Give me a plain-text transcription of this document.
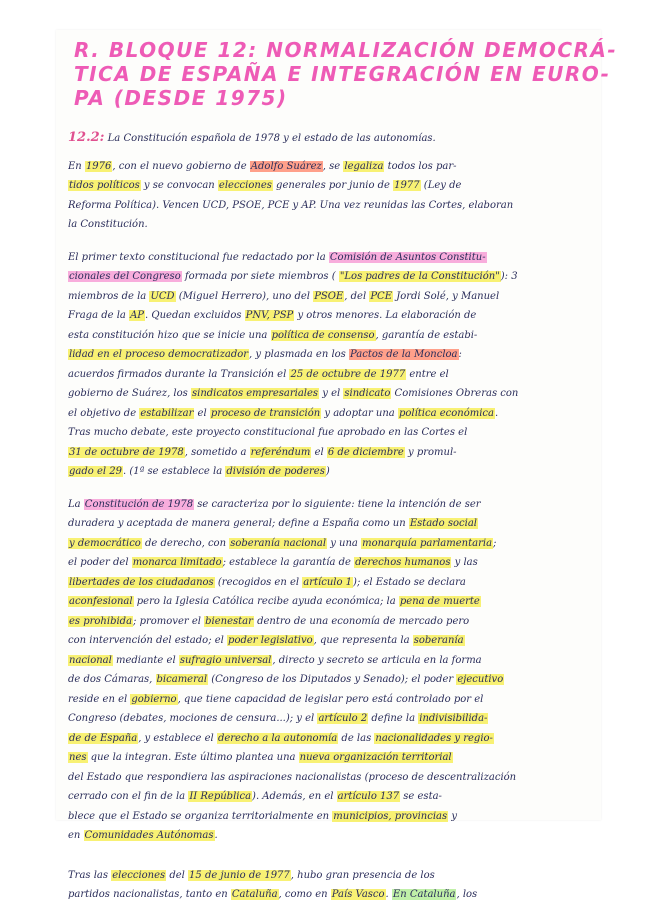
R. BLOQUE 12: NORMALIZACIÓN DEMOCRÁ-
TICA DE ESPAÑA E INTEGRACIÓN EN EURO-
PA (DESDE 1975)
12.2: La Constitución española de 1978 y el estado de las autonomías.
En 1976, con el nuevo gobierno de Adolfo Suárez, se legaliza todos los par-
tidos políticos y se convocan elecciones generales por junio de 1977 (Ley de
Reforma Política). Vencen UCD, PSOE, PCE y AP. Una vez reunidas las Cortes, elaboran
la Constitución.
El primer texto constitucional fue redactado por la Comisión de Asuntos Constitu-
cionales del Congreso formada por siete miembros ( "Los padres de la Constitución"): 3
miembros de la UCD (Miguel Herrero), uno del PSOE, del PCE Jordi Solé, y Manuel
Fraga de la AP. Quedan excluidos PNV, PSP y otros menores. La elaboración de
esta constitución hizo que se inicie una política de consenso, garantía de estabi-
lidad en el proceso democratizador, y plasmada en los Pactos de la Moncloa:
acuerdos firmados durante la Transición el 25 de octubre de 1977 entre el
gobierno de Suárez, los sindicatos empresariales y el sindicato Comisiones Obreras con
el objetivo de estabilizar el proceso de transición y adoptar una política económica.
Tras mucho debate, este proyecto constitucional fue aprobado en las Cortes el
31 de octubre de 1978, sometido a referéndum el 6 de diciembre y promul-
gado el 29. (1ª se establece la división de poderes)
La Constitución de 1978 se caracteriza por lo siguiente: tiene la intención de ser
duradera y aceptada de manera general; define a España como un Estado social
y democrático de derecho, con soberanía nacional y una monarquía parlamentaria;
el poder del monarca limitado; establece la garantía de derechos humanos y las
libertades de los ciudadanos (recogidos en el artículo 1); el Estado se declara
aconfesional pero la Iglesia Católica recibe ayuda económica; la pena de muerte
es prohibida; promover el bienestar dentro de una economía de mercado pero
con intervención del estado; el poder legislativo, que representa la soberanía
nacional mediante el sufragio universal, directo y secreto se articula en la forma
de dos Cámaras, bicameral (Congreso de los Diputados y Senado); el poder ejecutivo
reside en el gobierno, que tiene capacidad de legislar pero está controlado por el
Congreso (debates, mociones de censura...); y el artículo 2 define la indivisibilida-
de de España, y establece el derecho a la autonomía de las nacionalidades y regio-
nes que la integran. Este último plantea una nueva organización territorial
del Estado que respondiera las aspiraciones nacionalistas (proceso de descentralización
cerrado con el fin de la II República). Además, en el artículo 137 se esta-
blece que el Estado se organiza territorialmente en municipios, provincias y
en Comunidades Autónomas.
Tras las elecciones del 15 de junio de 1977, hubo gran presencia de los
partidos nacionalistas, tanto en Cataluña, como en País Vasco. En Cataluña, los
